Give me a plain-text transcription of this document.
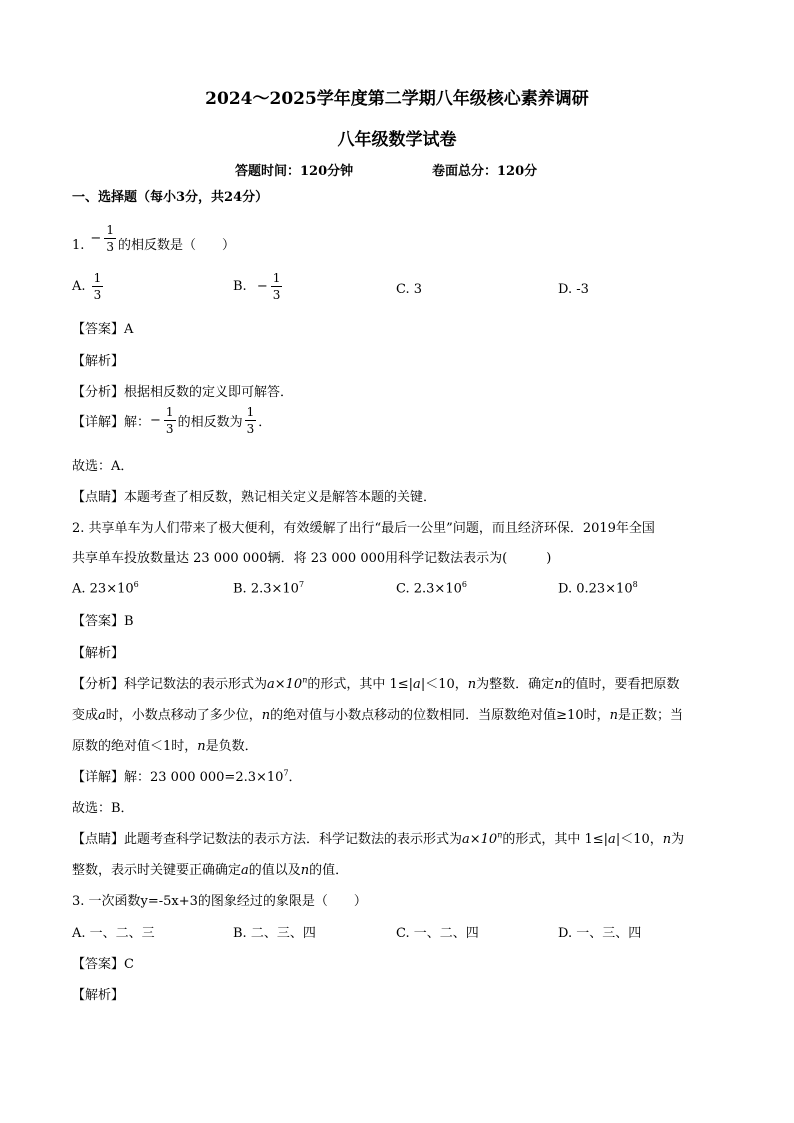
2024～2025学年度第二学期八年级核心素养调研
八年级数学试卷
答题时间：120分钟	卷面总分：120分
一、选择题（每小3分，共24分）
1. − $\frac{1}{3}$ 的相反数是（　　）
A. $\frac{1}{3}$	B. − $\frac{1}{3}$	C. 3	D. -3
【答案】A
【解析】
【分析】根据相反数的定义即可解答．
【详解】解：− $\frac{1}{3}$ 的相反数为 $\frac{1}{3}$ ．
故选：A．
【点睛】本题考查了相反数，熟记相关定义是解答本题的关键．
2. 共享单车为人们带来了极大便利，有效缓解了出行“最后一公里”问题，而且经济环保．2019年全国
共享单车投放数量达 23 000 000辆．将 23 000 000用科学记数法表示为(　　　)
A. $23\times 10^6$	B. $2.3\times 10^7$	C. $2.3\times 10^6$	D. $0.23\times 10^8$
【答案】B
【解析】
【分析】科学记数法的表示形式为$a\times 10^n$的形式，其中 1≤|a|＜10，n为整数．确定n的值时，要看把原数
变成a时，小数点移动了多少位，n的绝对值与小数点移动的位数相同．当原数绝对值≥10时，n是正数；当
原数的绝对值＜1时，n是负数．
【详解】解：23 000 $000=2.3\times 10^7$．
故选：B．
【点睛】此题考查科学记数法的表示方法．科学记数法的表示形式为$a\times 10^n$的形式，其中 1≤|a|＜10，n为
整数，表示时关键要正确确定a的值以及n的值．
3. 一次函数y=-5x+3的图象经过的象限是（　　）
A. 一、二、三	B. 二、三、四	C. 一、二、四	D. 一、三、四
【答案】C
【解析】
